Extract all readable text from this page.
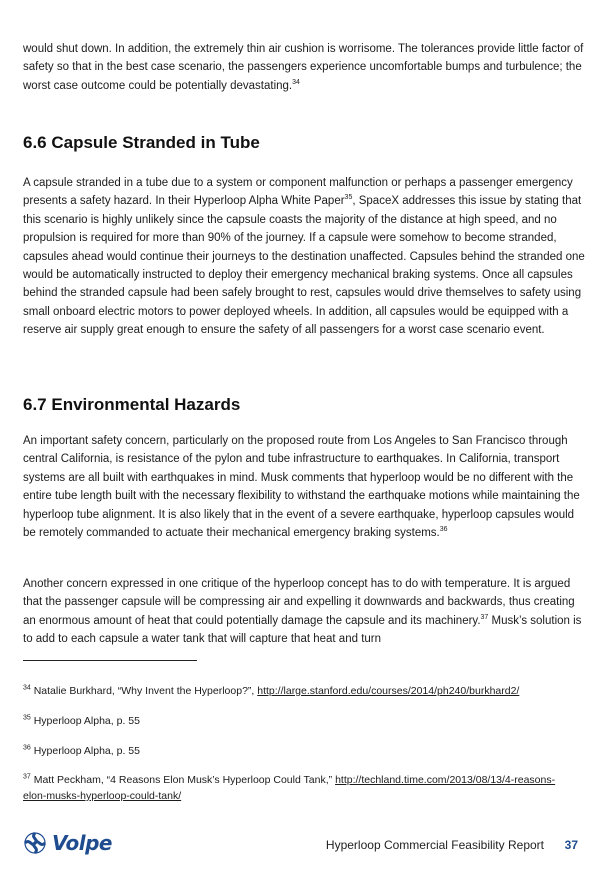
would shut down. In addition, the extremely thin air cushion is worrisome. The tolerances provide little factor of safety so that in the best case scenario, the passengers experience uncomfortable bumps and turbulence; the worst case outcome could be potentially devastating.$^{34}$

6.6 Capsule Stranded in Tube

A capsule stranded in a tube due to a system or component malfunction or perhaps a passenger emergency presents a safety hazard. In their Hyperloop Alpha White Paper$^{35}$, SpaceX addresses this issue by stating that this scenario is highly unlikely since the capsule coasts the majority of the distance at high speed, and no propulsion is required for more than 90% of the journey. If a capsule were somehow to become stranded, capsules ahead would continue their journeys to the destination unaffected. Capsules behind the stranded one would be automatically instructed to deploy their emergency mechanical braking systems. Once all capsules behind the stranded capsule had been safely brought to rest, capsules would drive themselves to safety using small onboard electric motors to power deployed wheels. In addition, all capsules would be equipped with a reserve air supply great enough to ensure the safety of all passengers for a worst case scenario event.

6.7 Environmental Hazards

An important safety concern, particularly on the proposed route from Los Angeles to San Francisco through central California, is resistance of the pylon and tube infrastructure to earthquakes. In California, transport systems are all built with earthquakes in mind. Musk comments that hyperloop would be no different with the entire tube length built with the necessary flexibility to withstand the earthquake motions while maintaining the hyperloop tube alignment. It is also likely that in the event of a severe earthquake, hyperloop capsules would be remotely commanded to actuate their mechanical emergency braking systems.$^{36}$

Another concern expressed in one critique of the hyperloop concept has to do with temperature. It is argued that the passenger capsule will be compressing air and expelling it downwards and backwards, thus creating an enormous amount of heat that could potentially damage the capsule and its machinery.$^{37}$ Musk’s solution is to add to each capsule a water tank that will capture that heat and turn

$^{34}$ Natalie Burkhard, “Why Invent the Hyperloop?”, http://large.stanford.edu/courses/2014/ph240/burkhard2/

$^{35}$ Hyperloop Alpha, p. 55

$^{36}$ Hyperloop Alpha, p. 55

$^{37}$ Matt Peckham, “4 Reasons Elon Musk’s Hyperloop Could Tank,” http://techland.time.com/2013/08/13/4-reasons-elon-musks-hyperloop-could-tank/

Volpe	Hyperloop Commercial Feasibility Report 37
